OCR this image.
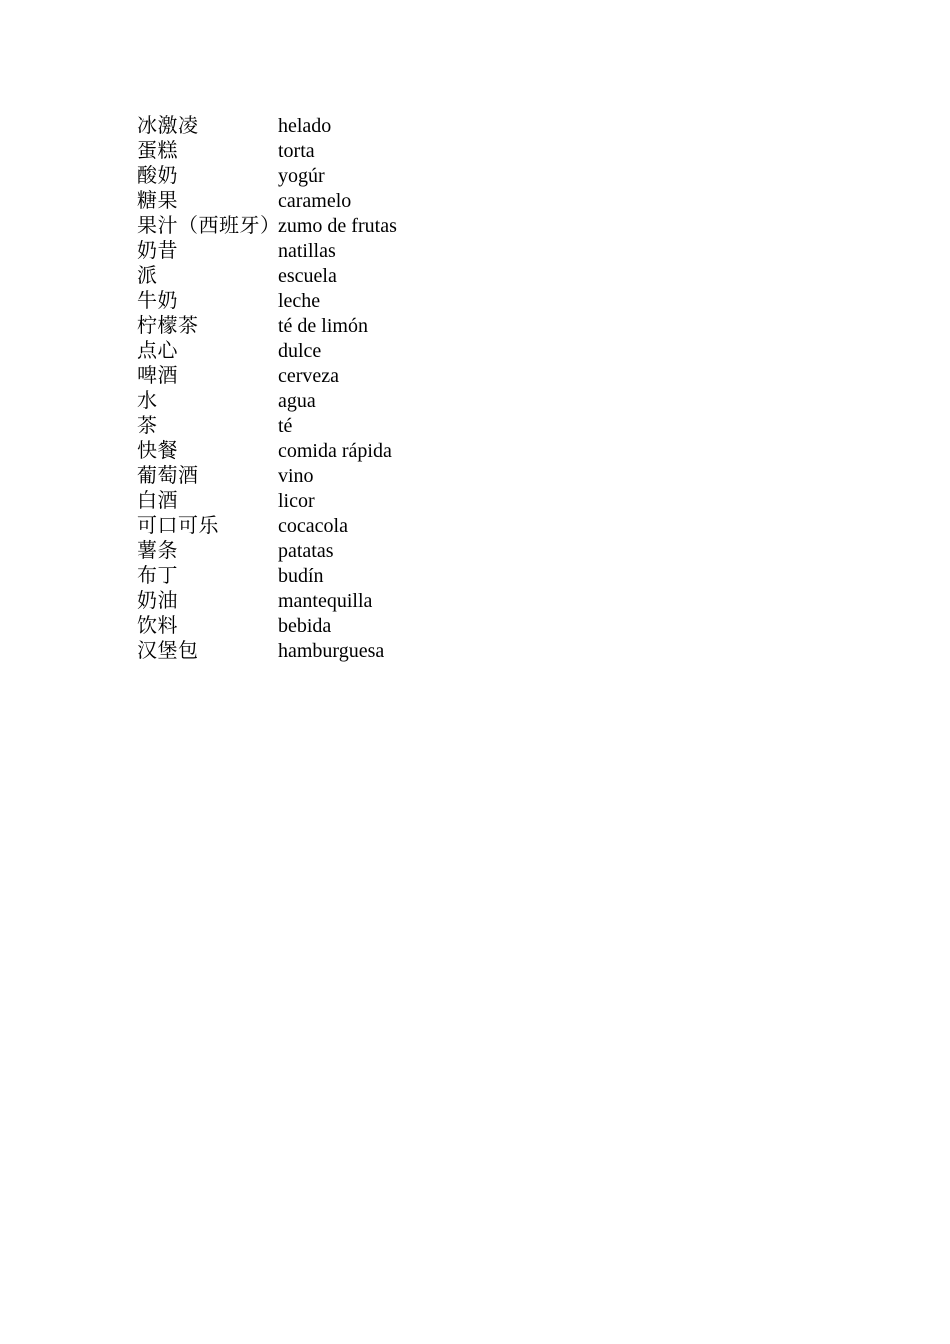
冰激凌	helado
蛋糕	torta
酸奶	yogúr
糖果	caramelo
果汁（西班牙）	zumo de frutas
奶昔	natillas
派	escuela
牛奶	leche
柠檬茶	té de limón
点心	dulce
啤酒	cerveza
水	agua
茶	té
快餐	comida rápida
葡萄酒	vino
白酒	licor
可口可乐	cocacola
薯条	patatas
布丁	budín
奶油	mantequilla
饮料	bebida
汉堡包	hamburguesa
